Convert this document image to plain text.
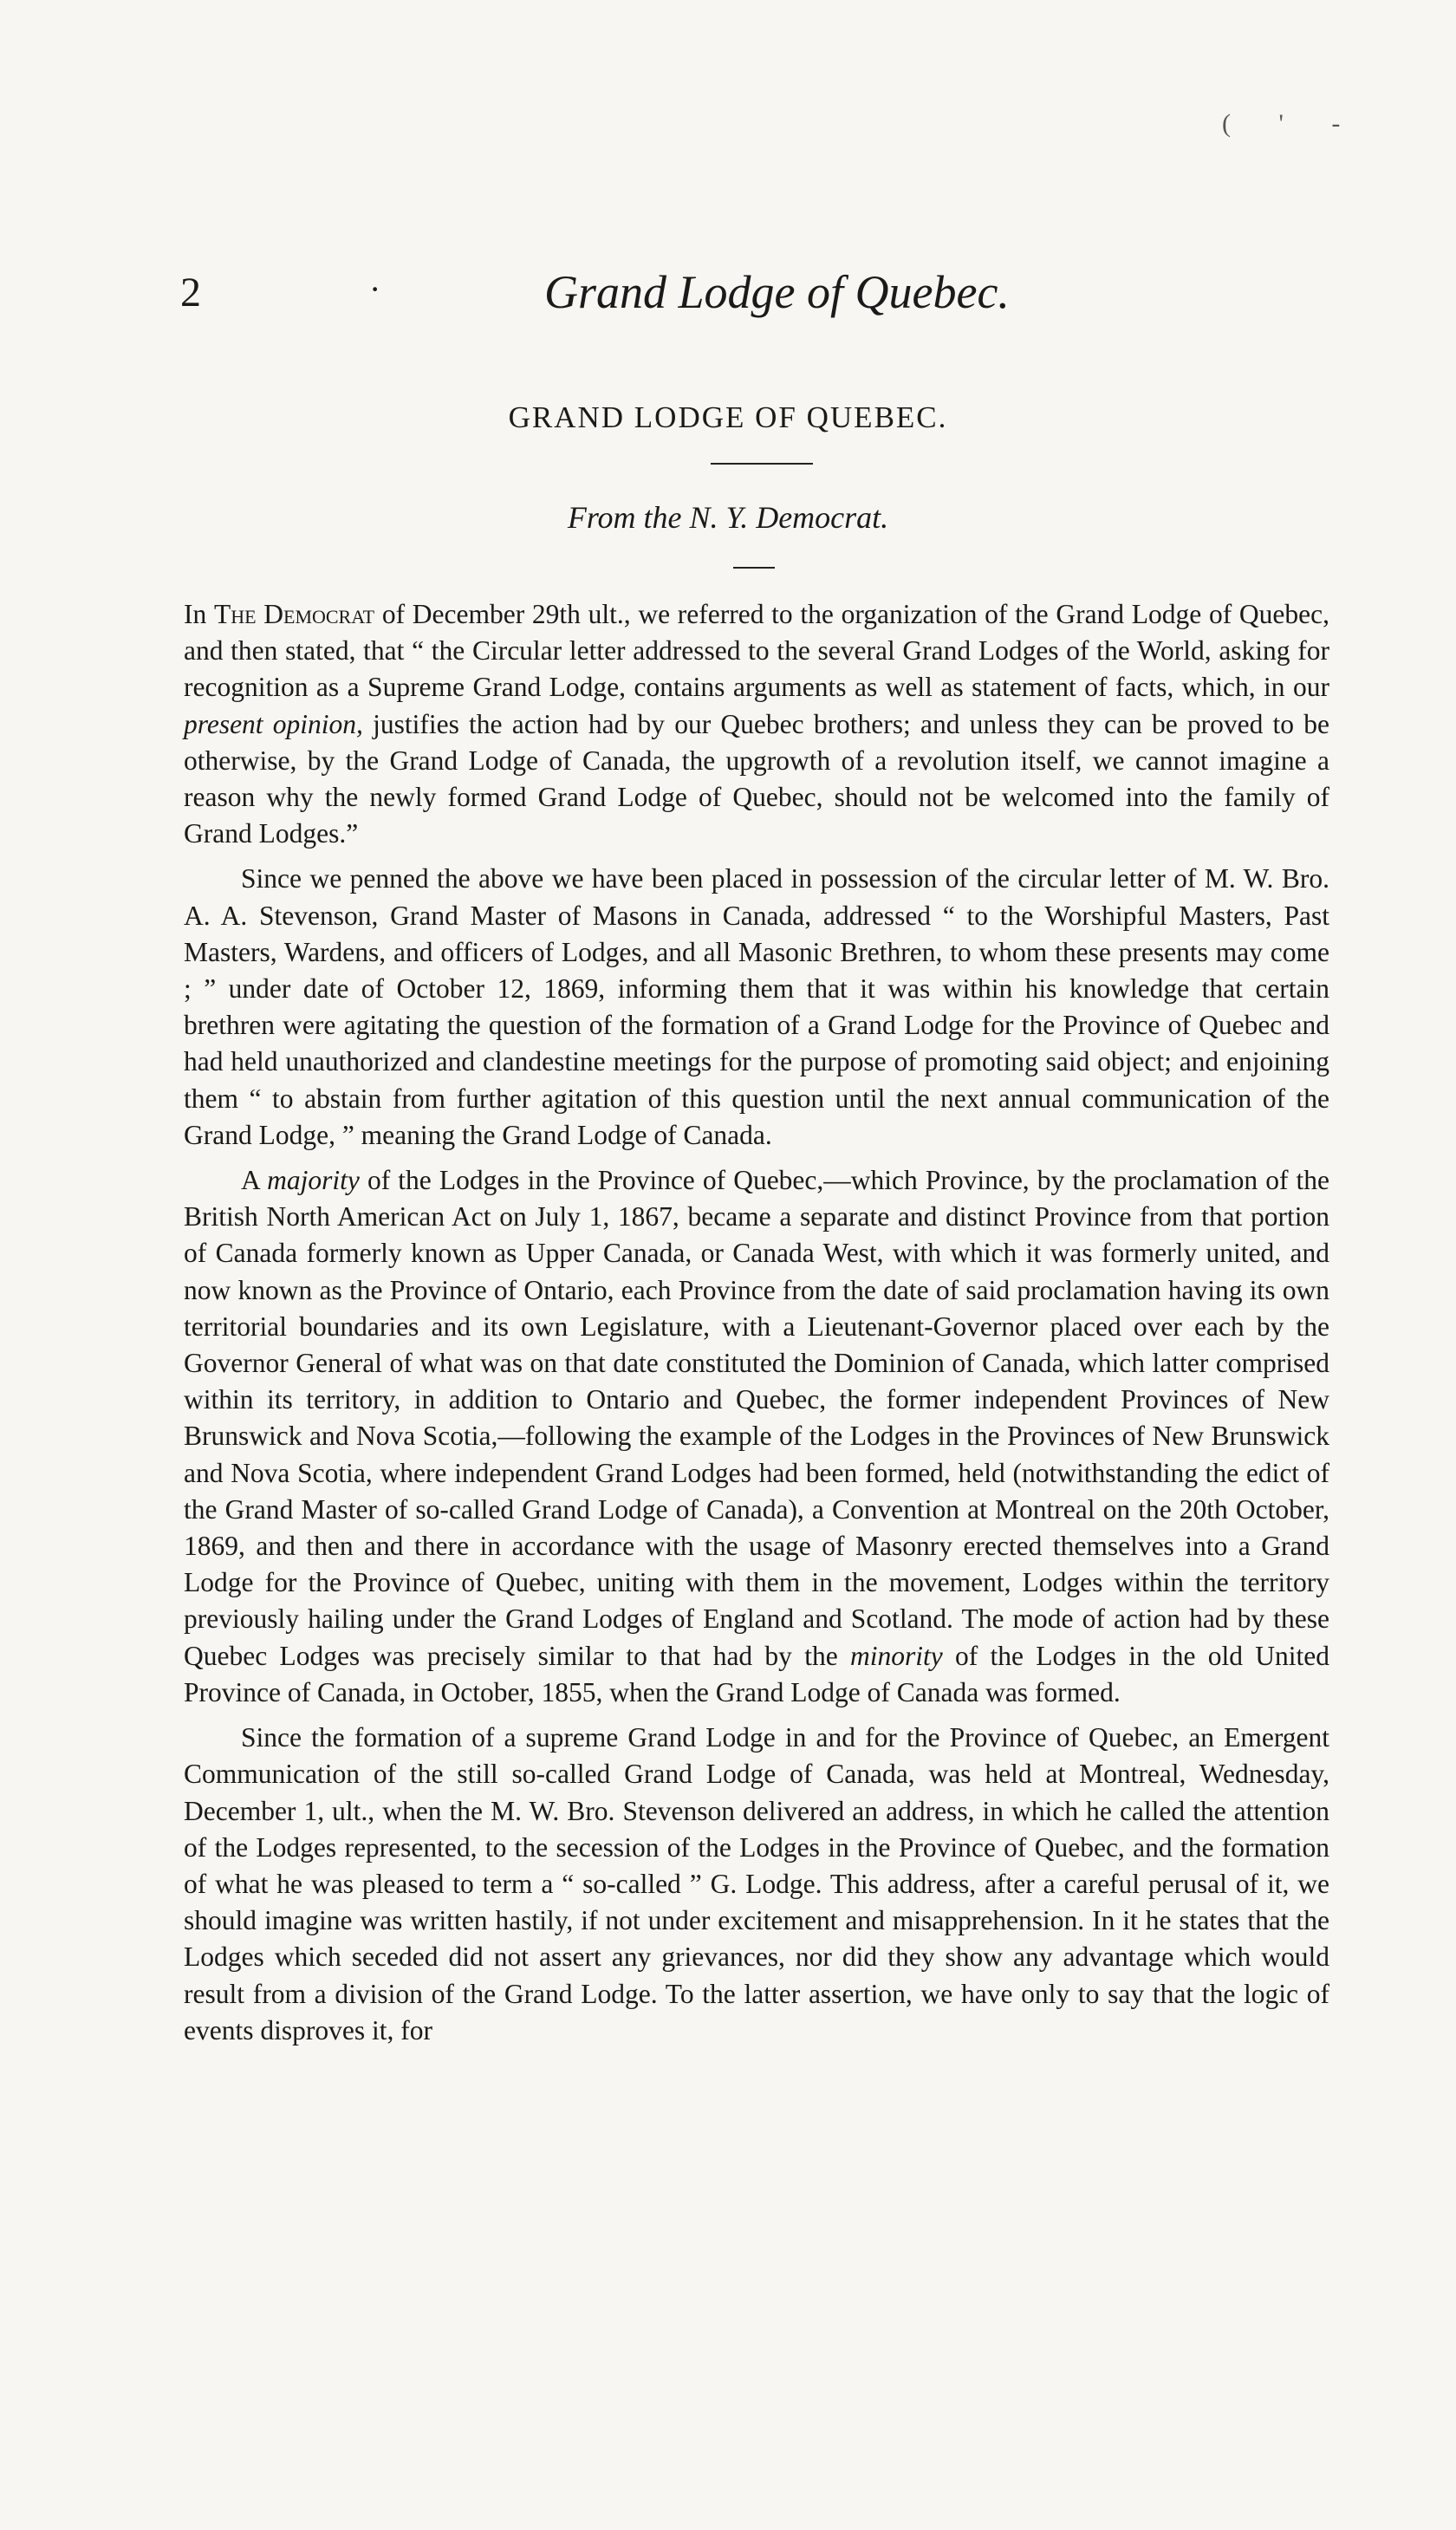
( ' -
2	·	Grand Lodge of Quebec.
GRAND LODGE OF QUEBEC.
From the N. Y. Democrat.

In The Democrat of December 29th ult., we referred to the organization of the Grand Lodge of Quebec, and then stated, that “ the Circular letter addressed to the several Grand Lodges of the World, asking for recognition as a Supreme Grand Lodge, contains arguments as well as statement of facts, which, in our present opinion, justifies the action had by our Quebec brothers; and unless they can be proved to be otherwise, by the Grand Lodge of Canada, the upgrowth of a revolution itself, we cannot imagine a reason why the newly formed Grand Lodge of Quebec, should not be welcomed into the family of Grand Lodges.”

Since we penned the above we have been placed in possession of the circular letter of M. W. Bro. A. A. Stevenson, Grand Master of Masons in Canada, addressed “ to the Worshipful Masters, Past Masters, Wardens, and officers of Lodges, and all Masonic Brethren, to whom these presents may come ; ” under date of October 12, 1869, informing them that it was within his knowledge that certain brethren were agitating the question of the formation of a Grand Lodge for the Province of Quebec and had held unauthorized and clandestine meetings for the purpose of promoting said object; and enjoining them “ to abstain from further agitation of this question until the next annual communication of the Grand Lodge, ” meaning the Grand Lodge of Canada.

A majority of the Lodges in the Province of Quebec,—which Province, by the proclamation of the British North American Act on July 1, 1867, became a separate and distinct Province from that portion of Canada formerly known as Upper Canada, or Canada West, with which it was formerly united, and now known as the Province of Ontario, each Province from the date of said proclamation having its own territorial boundaries and its own Legislature, with a Lieutenant-Governor placed over each by the Governor General of what was on that date constituted the Dominion of Canada, which latter comprised within its territory, in addition to Ontario and Quebec, the former independent Provinces of New Brunswick and Nova Scotia,—following the example of the Lodges in the Provinces of New Brunswick and Nova Scotia, where independent Grand Lodges had been formed, held (notwithstanding the edict of the Grand Master of so-called Grand Lodge of Canada), a Convention at Montreal on the 20th October, 1869, and then and there in accordance with the usage of Masonry erected themselves into a Grand Lodge for the Province of Quebec, uniting with them in the movement, Lodges within the territory previously hailing under the Grand Lodges of England and Scotland. The mode of action had by these Quebec Lodges was precisely similar to that had by the minority of the Lodges in the old United Province of Canada, in October, 1855, when the Grand Lodge of Canada was formed.

Since the formation of a supreme Grand Lodge in and for the Province of Quebec, an Emergent Communication of the still so-called Grand Lodge of Canada, was held at Montreal, Wednesday, December 1, ult., when the M. W. Bro. Stevenson delivered an address, in which he called the attention of the Lodges represented, to the secession of the Lodges in the Province of Quebec, and the formation of what he was pleased to term a “ so-called ” G. Lodge. This address, after a careful perusal of it, we should imagine was written hastily, if not under excitement and misapprehension. In it he states that the Lodges which seceded did not assert any grievances, nor did they show any advantage which would result from a division of the Grand Lodge. To the latter assertion, we have only to say that the logic of events disproves it, for
